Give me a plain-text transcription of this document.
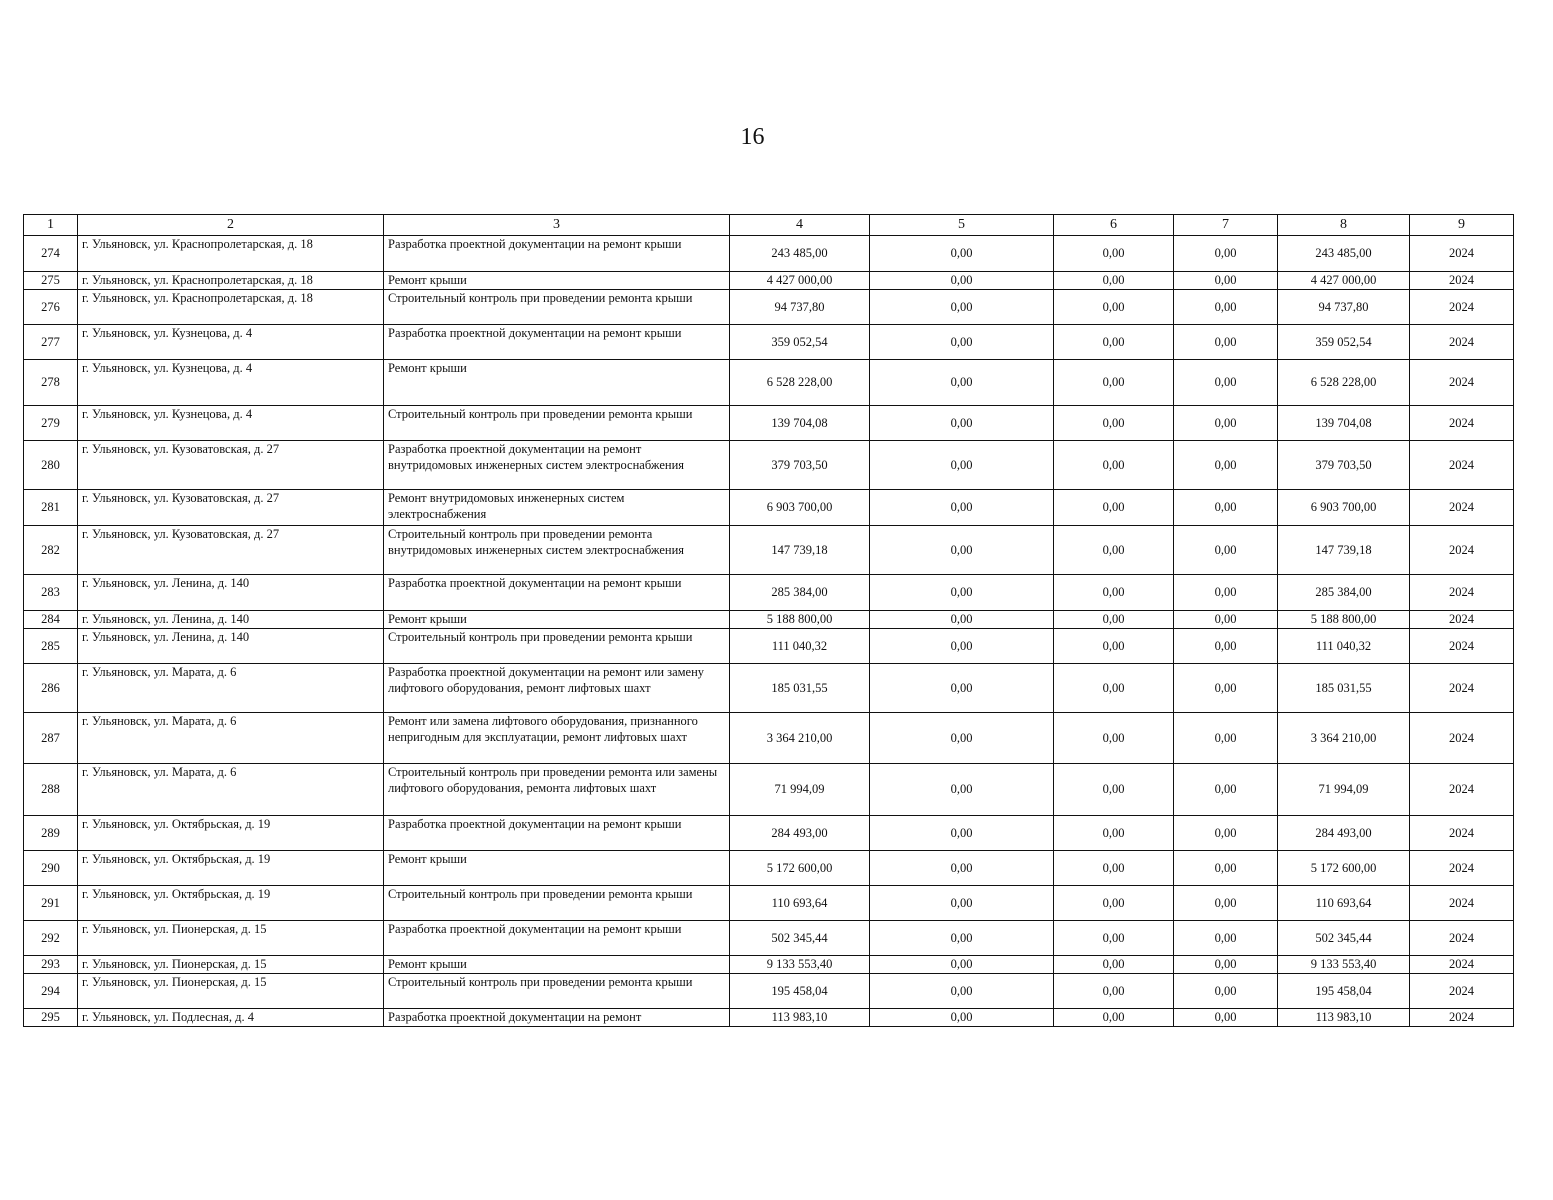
16
1	2	3	4	5	6	7	8	9
274	г. Ульяновск, ул. Краснопролетарская, д. 18	Разработка проектной документации на ремонт крыши	243 485,00	0,00	0,00	0,00	243 485,00	2024
275	г. Ульяновск, ул. Краснопролетарская, д. 18	Ремонт крыши	4 427 000,00	0,00	0,00	0,00	4 427 000,00	2024
276	г. Ульяновск, ул. Краснопролетарская, д. 18	Строительный контроль при проведении ремонта крыши	94 737,80	0,00	0,00	0,00	94 737,80	2024
277	г. Ульяновск, ул. Кузнецова, д. 4	Разработка проектной документации на ремонт крыши	359 052,54	0,00	0,00	0,00	359 052,54	2024
278	г. Ульяновск, ул. Кузнецова, д. 4	Ремонт крыши	6 528 228,00	0,00	0,00	0,00	6 528 228,00	2024
279	г. Ульяновск, ул. Кузнецова, д. 4	Строительный контроль при проведении ремонта крыши	139 704,08	0,00	0,00	0,00	139 704,08	2024
280	г. Ульяновск, ул. Кузоватовская, д. 27	Разработка проектной документации на ремонт внутридомовых инженерных систем электроснабжения	379 703,50	0,00	0,00	0,00	379 703,50	2024
281	г. Ульяновск, ул. Кузоватовская, д. 27	Ремонт внутридомовых инженерных систем электроснабжения	6 903 700,00	0,00	0,00	0,00	6 903 700,00	2024
282	г. Ульяновск, ул. Кузоватовская, д. 27	Строительный контроль при проведении ремонта внутридомовых инженерных систем электроснабжения	147 739,18	0,00	0,00	0,00	147 739,18	2024
283	г. Ульяновск, ул. Ленина, д. 140	Разработка проектной документации на ремонт крыши	285 384,00	0,00	0,00	0,00	285 384,00	2024
284	г. Ульяновск, ул. Ленина, д. 140	Ремонт крыши	5 188 800,00	0,00	0,00	0,00	5 188 800,00	2024
285	г. Ульяновск, ул. Ленина, д. 140	Строительный контроль при проведении ремонта крыши	111 040,32	0,00	0,00	0,00	111 040,32	2024
286	г. Ульяновск, ул. Марата, д. 6	Разработка проектной документации на ремонт или замену лифтового оборудования, ремонт лифтовых шахт	185 031,55	0,00	0,00	0,00	185 031,55	2024
287	г. Ульяновск, ул. Марата, д. 6	Ремонт или замена лифтового оборудования, признанного непригодным для эксплуатации, ремонт лифтовых шахт	3 364 210,00	0,00	0,00	0,00	3 364 210,00	2024
288	г. Ульяновск, ул. Марата, д. 6	Строительный контроль при проведении ремонта или замены лифтового оборудования, ремонта лифтовых шахт	71 994,09	0,00	0,00	0,00	71 994,09	2024
289	г. Ульяновск, ул. Октябрьская, д. 19	Разработка проектной документации на ремонт крыши	284 493,00	0,00	0,00	0,00	284 493,00	2024
290	г. Ульяновск, ул. Октябрьская, д. 19	Ремонт крыши	5 172 600,00	0,00	0,00	0,00	5 172 600,00	2024
291	г. Ульяновск, ул. Октябрьская, д. 19	Строительный контроль при проведении ремонта крыши	110 693,64	0,00	0,00	0,00	110 693,64	2024
292	г. Ульяновск, ул. Пионерская, д. 15	Разработка проектной документации на ремонт крыши	502 345,44	0,00	0,00	0,00	502 345,44	2024
293	г. Ульяновск, ул. Пионерская, д. 15	Ремонт крыши	9 133 553,40	0,00	0,00	0,00	9 133 553,40	2024
294	г. Ульяновск, ул. Пионерская, д. 15	Строительный контроль при проведении ремонта крыши	195 458,04	0,00	0,00	0,00	195 458,04	2024
295	г. Ульяновск, ул. Подлесная, д. 4	Разработка проектной документации на ремонт	113 983,10	0,00	0,00	0,00	113 983,10	2024
